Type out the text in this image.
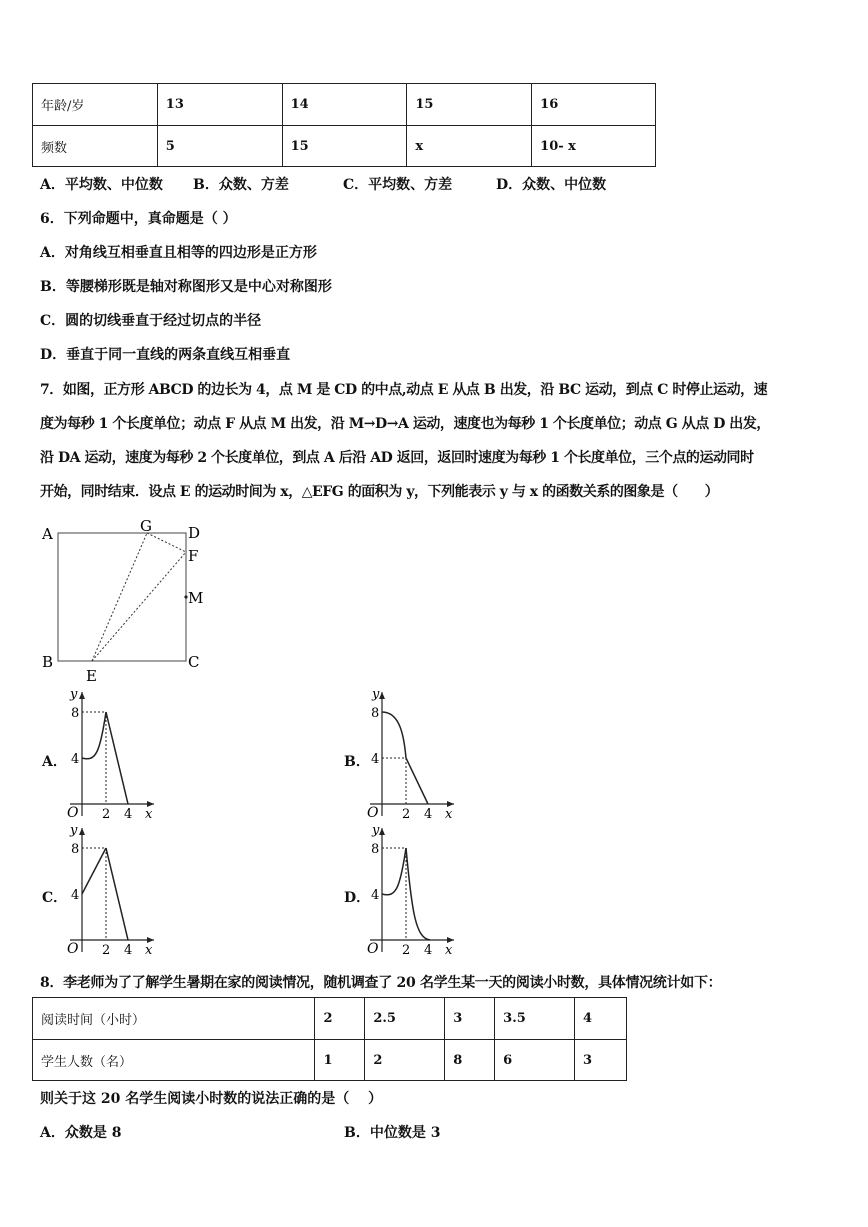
年龄/岁	13	14	15	16
频数	5	15	x	10- x
A．平均数、中位数 B．众数、方差	C．平均数、方差	D．众数、中位数
6．下列命题中，真命题是（ ）
A．对角线互相垂直且相等的四边形是正方形
B．等腰梯形既是轴对称图形又是中心对称图形
C．圆的切线垂直于经过切点的半径
D．垂直于同一直线的两条直线互相垂直
7．如图，正方形 ABCD 的边长为 4，点 M 是 CD 的中点,动点 E 从点 B 出发，沿 BC 运动，到点 C 时停止运动，速
度为每秒 1 个长度单位；动点 F 从点 M 出发，沿 M→D→A 运动，速度也为每秒 1 个长度单位；动点 G 从点 D 出发，
沿 DA 运动，速度为每秒 2 个长度单位，到点 A 后沿 AD 返回，返回时速度为每秒 1 个长度单位，三个点的运动同时
开始，同时结束．设点 E 的运动时间为 x，△EFG 的面积为 y，下列能表示 y 与 x 的函数关系的图象是（　　）
A	G D
F
M
B	C
E
A．	B．
C．	D．
y
x
O
8
4
2 4
y
x
O
8
4
2 4
y
x
O
8
4
2 4
y
x
O
8
4
2 4
8．李老师为了了解学生暑期在家的阅读情况，随机调查了 20 名学生某一天的阅读小时数，具体情况统计如下：
阅读时间（小时）	2	2.5	3	3.5	4
学生人数（名）	1	2	8	6	3
则关于这 20 名学生阅读小时数的说法正确的是（　 ）
A．众数是 8	B．中位数是 3
